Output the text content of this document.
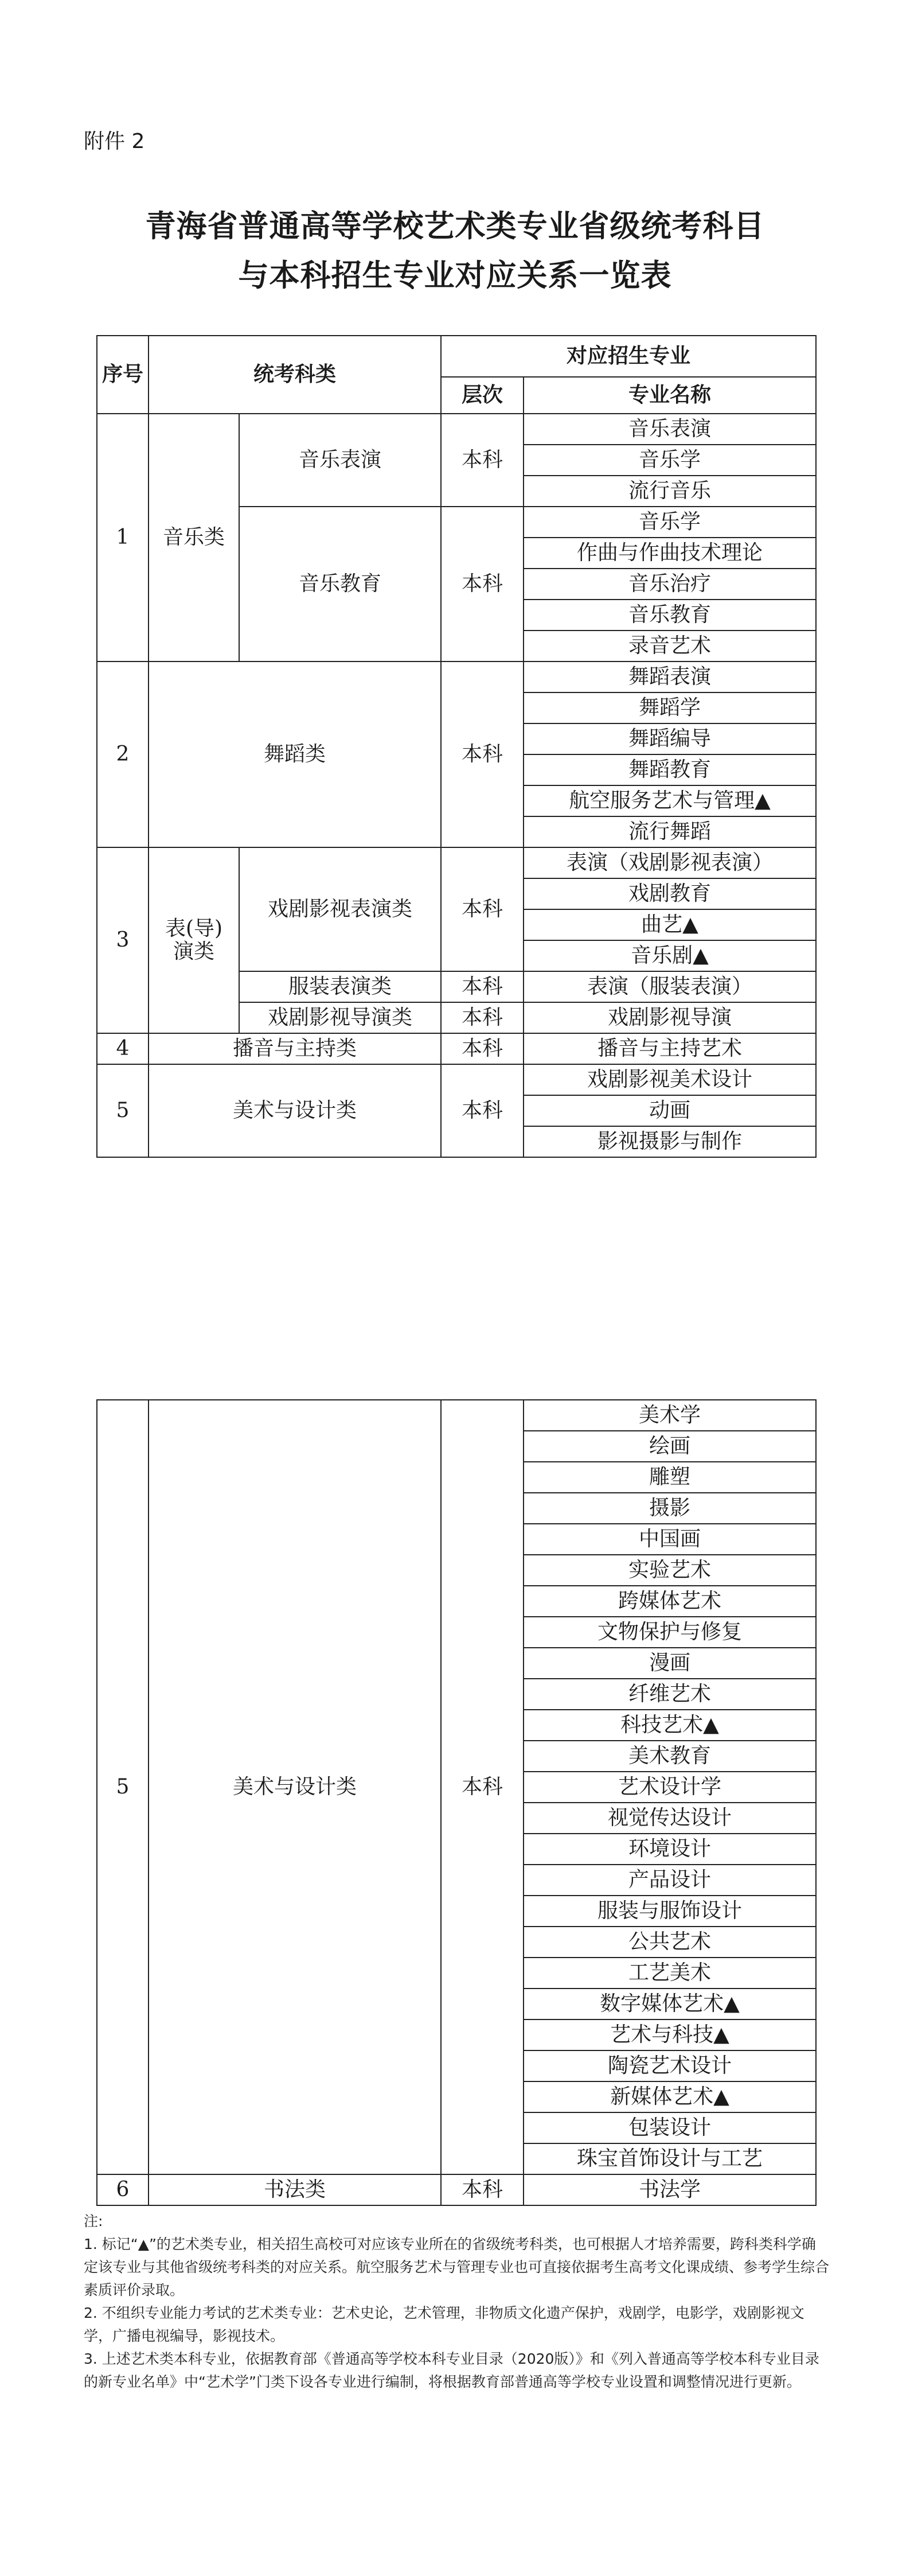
附件 2
青海省普通高等学校艺术类专业省级统考科目
与本科招生专业对应关系一览表
序号	统考科类		对应招生专业	
			层次	专业名称
1	音乐类	音乐表演	本科	音乐表演
				音乐学
				流行音乐
		音乐教育	本科	音乐学
				作曲与作曲技术理论
				音乐治疗
				音乐教育
				录音艺术
2	舞蹈类		本科	舞蹈表演
				舞蹈学
				舞蹈编导
				舞蹈教育
				航空服务艺术与管理▲
				流行舞蹈
3	表(导)演类	戏剧影视表演类	本科	表演（戏剧影视表演）
				戏剧教育
				曲艺▲
				音乐剧▲
		服装表演类	本科	表演（服装表演）
		戏剧影视导演类	本科	戏剧影视导演
4	播音与主持类		本科	播音与主持艺术
5	美术与设计类		本科	戏剧影视美术设计
				动画
				影视摄影与制作
5	美术与设计类	本科	美术学
			绘画
			雕塑
			摄影
			中国画
			实验艺术
			跨媒体艺术
			文物保护与修复
			漫画
			纤维艺术
			科技艺术▲
			美术教育
			艺术设计学
			视觉传达设计
			环境设计
			产品设计
			服装与服饰设计
			公共艺术
			工艺美术
			数字媒体艺术▲
			艺术与科技▲
			陶瓷艺术设计
			新媒体艺术▲
			包装设计
			珠宝首饰设计与工艺
6	书法类	本科	书法学

注:

1. 标记“▲”的艺术类专业，相关招生高校可对应该专业所在的省级统考科类，也可根据人才培养需要，跨科类科学确定该专业与其他省级统考科类的对应关系。航空服务艺术与管理专业也可直接依据考生高考文化课成绩、参考学生综合素质评价录取。

2. 不组织专业能力考试的艺术类专业：艺术史论，艺术管理，非物质文化遗产保护，戏剧学，电影学，戏剧影视文学，广播电视编导，影视技术。

3. 上述艺术类本科专业，依据教育部《普通高等学校本科专业目录（2020版）》和《列入普通高等学校本科专业目录的新专业名单》中“艺术学”门类下设各专业进行编制，将根据教育部普通高等学校专业设置和调整情况进行更新。
